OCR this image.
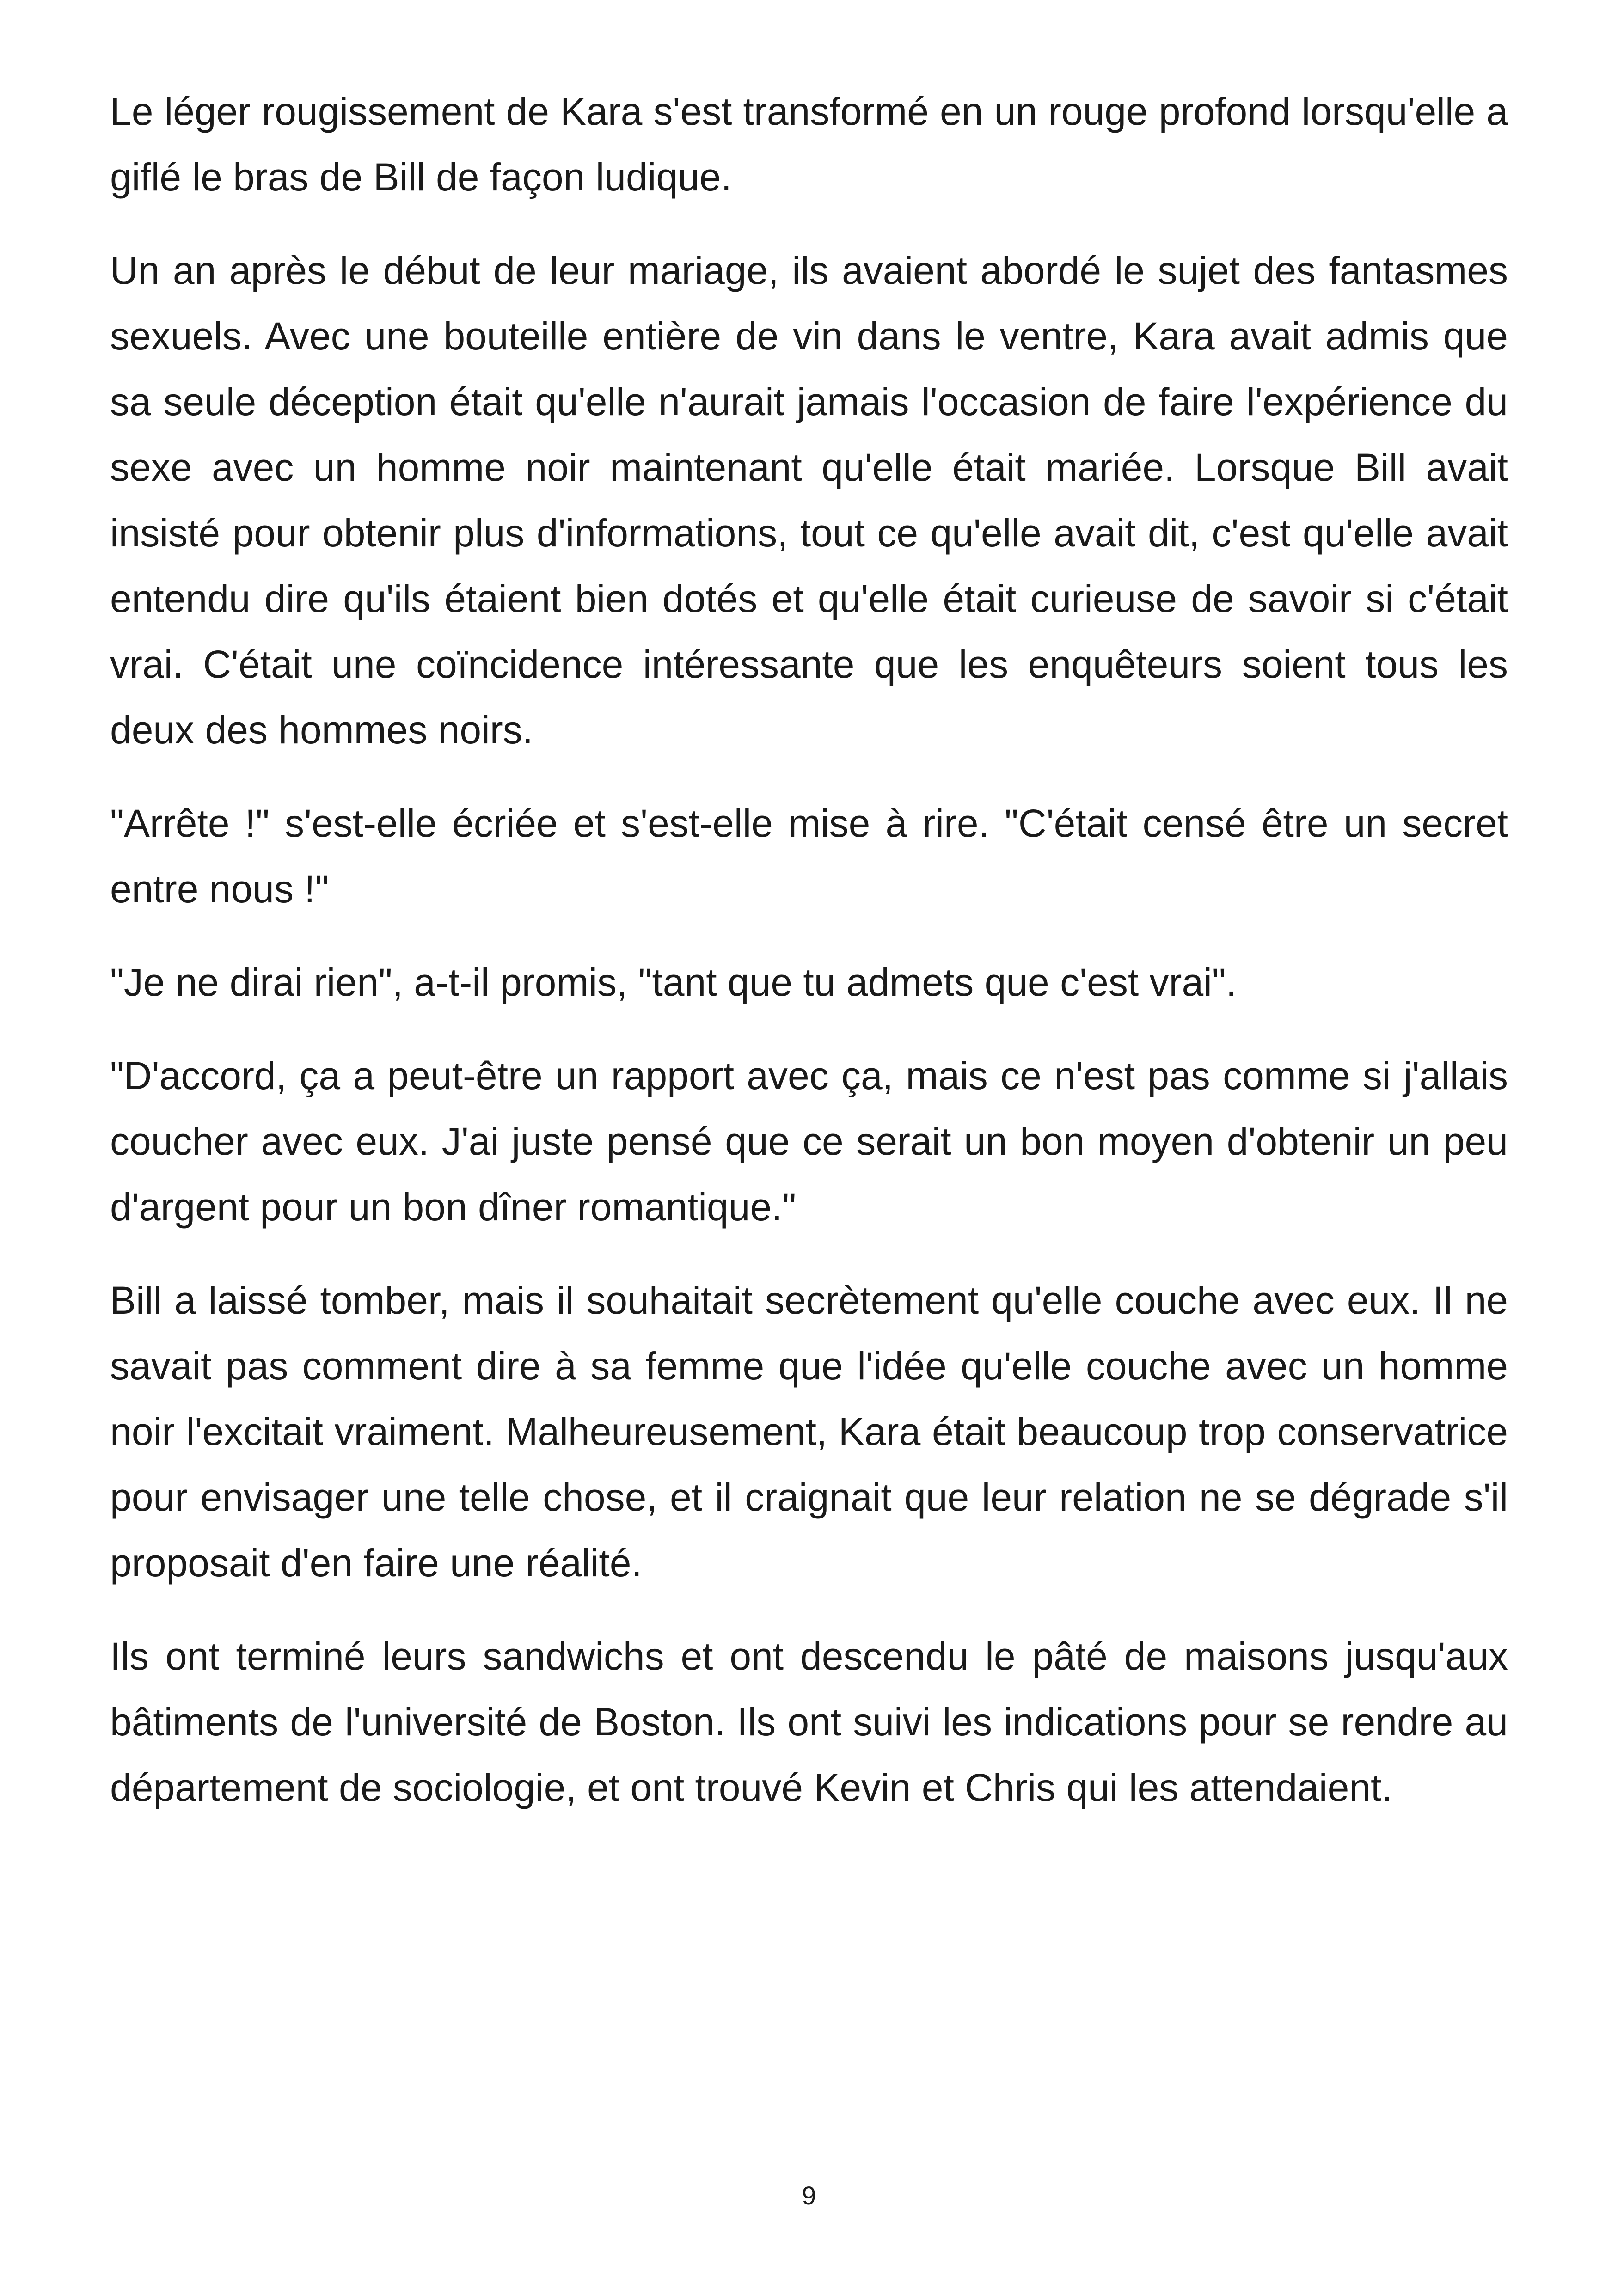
Le léger rougissement de Kara s'est transformé en un rouge profond lorsqu'elle a giflé le bras de Bill de façon ludique.

Un an après le début de leur mariage, ils avaient abordé le sujet des fantasmes sexuels. Avec une bouteille entière de vin dans le ventre, Kara avait admis que sa seule déception était qu'elle n'aurait jamais l'occasion de faire l'expérience du sexe avec un homme noir maintenant qu'elle était mariée. Lorsque Bill avait insisté pour obtenir plus d'informations, tout ce qu'elle avait dit, c'est qu'elle avait entendu dire qu'ils étaient bien dotés et qu'elle était curieuse de savoir si c'était vrai. C'était une coïncidence intéressante que les enquêteurs soient tous les deux des hommes noirs.

"Arrête !" s'est-elle écriée et s'est-elle mise à rire. "C'était censé être un secret entre nous !"

"Je ne dirai rien", a-t-il promis, "tant que tu admets que c'est vrai".

"D'accord, ça a peut-être un rapport avec ça, mais ce n'est pas comme si j'allais coucher avec eux. J'ai juste pensé que ce serait un bon moyen d'obtenir un peu d'argent pour un bon dîner romantique."

Bill a laissé tomber, mais il souhaitait secrètement qu'elle couche avec eux. Il ne savait pas comment dire à sa femme que l'idée qu'elle couche avec un homme noir l'excitait vraiment. Malheureusement, Kara était beaucoup trop conservatrice pour envisager une telle chose, et il craignait que leur relation ne se dégrade s'il proposait d'en faire une réalité.

Ils ont terminé leurs sandwichs et ont descendu le pâté de maisons jusqu'aux bâtiments de l'université de Boston. Ils ont suivi les indications pour se rendre au département de sociologie, et ont trouvé Kevin et Chris qui les attendaient.

9
